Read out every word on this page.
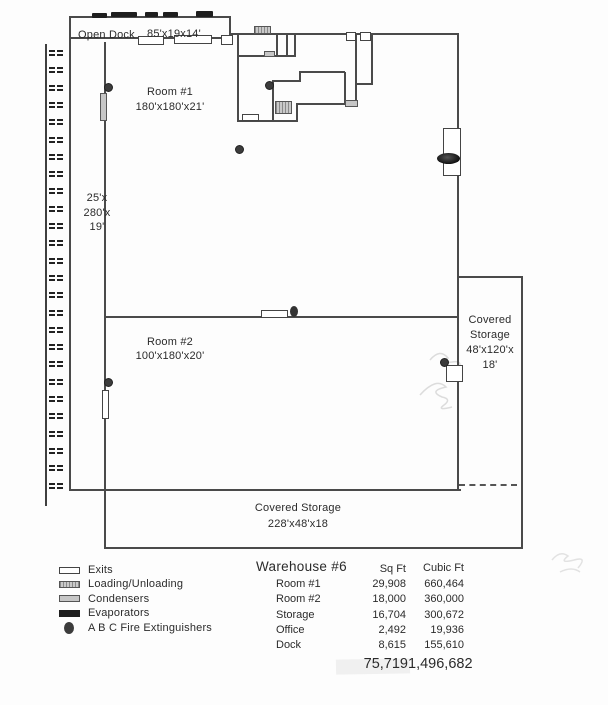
Open Dock 85'x19x14'
Room #1
180'x180'x21'
25'x
280'x
19'
Room #2
100'x180'x20'
Covered
Storage
48'x120'x
18'
Covered Storage
228'x48'x18
Exits
Loading/Unloading
Condensers
Evaporators
A B C Fire Extinguishers
Warehouse #6	Sq Ft	Cubic Ft
Room #1	29,908	660,464
Room #2	18,000	360,000
Storage	16,704	300,672
Office	2,492	19,936
Dock	8,615	155,610
75,719 1,496,682
